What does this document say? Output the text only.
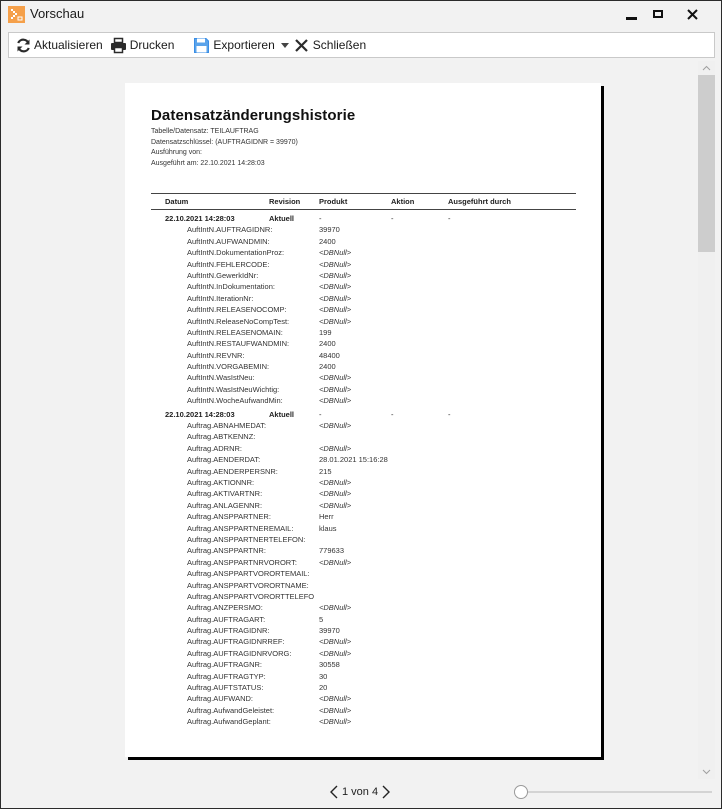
Vorschau
Aktualisieren Drucken	Exportieren	Schließen
Datensatzänderungshistorie
Tabelle/Datensatz: TEILAUFTRAG
Datensatzschlüssel: (AUFTRAGIDNR = 39970)
Ausführung von:
Ausgeführt am: 22.10.2021 14:28:03
Datum	Revision Produkt	Aktion	Ausgeführt durch
22.10.2021 14:28:03	Aktuell	-	-	-
AuftIntN.AUFTRAGIDNR:	39970
AuftIntN.AUFWANDMIN:	2400
AuftIntN.DokumentationProz:	<DBNull>
AuftIntN.FEHLERCODE:	<DBNull>
AuftIntN.GewerkIdNr:	<DBNull>
AuftIntN.InDokumentation:	<DBNull>
AuftIntN.IterationNr:	<DBNull>
AuftIntN.RELEASENOCOMP:	<DBNull>
AuftIntN.ReleaseNoCompTest:	<DBNull>
AuftIntN.RELEASENOMAIN:	199
AuftIntN.RESTAUFWANDMIN:	2400
AuftIntN.REVNR:	48400
AuftIntN.VORGABEMIN:	2400
AuftIntN.WasIstNeu:	<DBNull>
AuftIntN.WasIstNeuWichtig:	<DBNull>
AuftIntN.WocheAufwandMin:	<DBNull>
22.10.2021 14:28:03	Aktuell	-	-	-
Auftrag.ABNAHMEDAT:	<DBNull>
Auftrag.ABTKENNZ:
Auftrag.ADRNR:	<DBNull>
Auftrag.AENDERDAT:	28.01.2021 15:16:28
Auftrag.AENDERPERSNR:	215
Auftrag.AKTIONNR:	<DBNull>
Auftrag.AKTIVARTNR:	<DBNull>
Auftrag.ANLAGENNR:	<DBNull>
Auftrag.ANSPPARTNER:	Herr
Auftrag.ANSPPARTNEREMAIL:	klaus
Auftrag.ANSPPARTNERTELEFON:
Auftrag.ANSPPARTNR:	779633
Auftrag.ANSPPARTNRVORORT:	<DBNull>
Auftrag.ANSPPARTVORORTEMAIL:
Auftrag.ANSPPARTVORORTNAME:
Auftrag.ANSPPARTVORORTTELEFO
Auftrag.ANZPERSMO:	<DBNull>
Auftrag.AUFTRAGART:	5
Auftrag.AUFTRAGIDNR:	39970
Auftrag.AUFTRAGIDNRREF:	<DBNull>
Auftrag.AUFTRAGIDNRVORG:	<DBNull>
Auftrag.AUFTRAGNR:	30558
Auftrag.AUFTRAGTYP:	30
Auftrag.AUFTSTATUS:	20
Auftrag.AUFWAND:	<DBNull>
Auftrag.AufwandGeleistet:	<DBNull>
Auftrag.AufwandGeplant:	<DBNull>
1 von 4
